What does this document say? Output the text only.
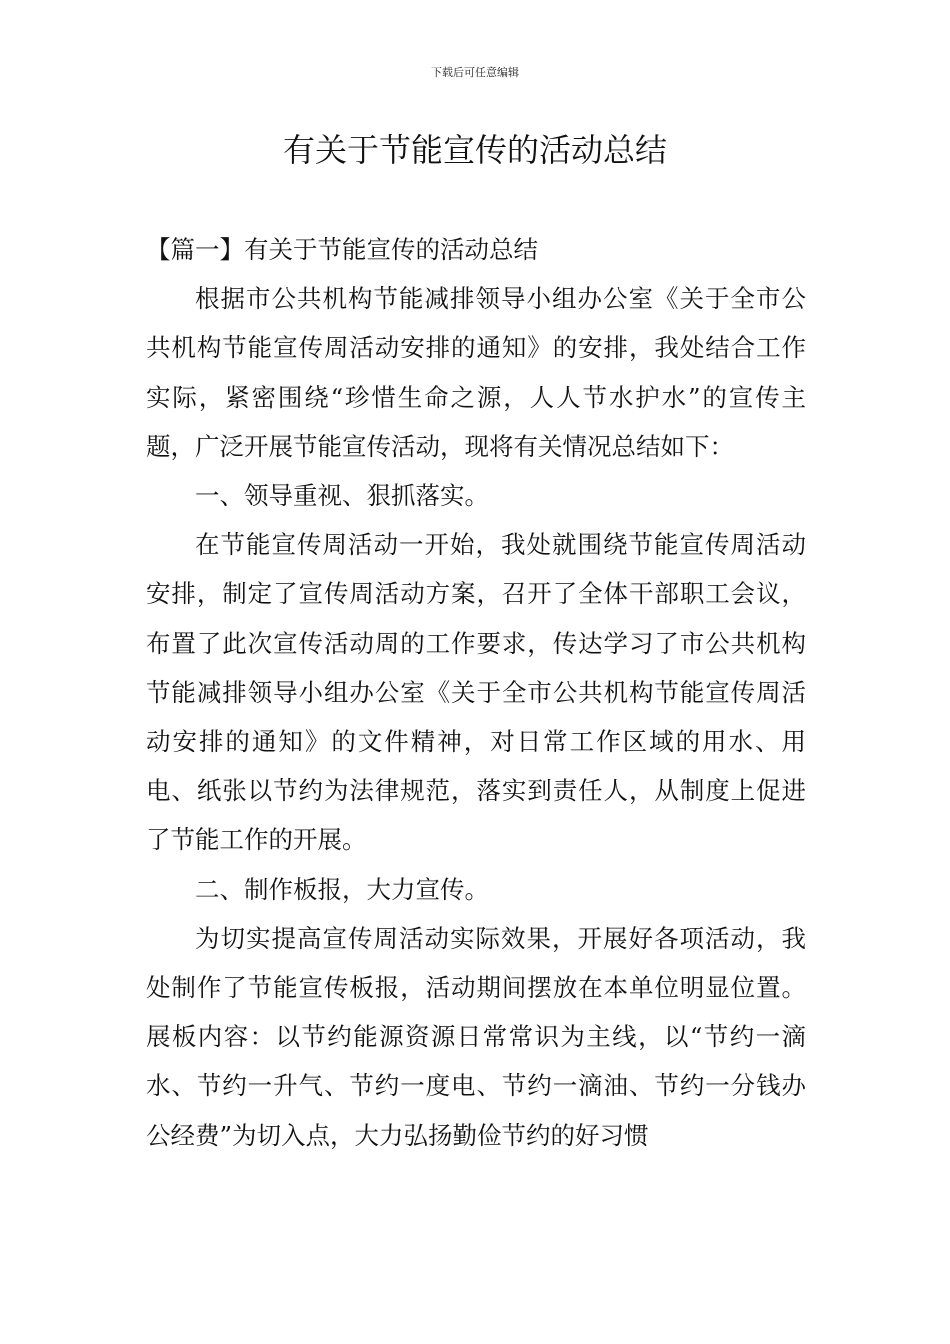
下载后可任意编辑
有关于节能宣传的活动总结

【篇一】有关于节能宣传的活动总结

根据市公共机构节能减排领导小组办公室《关于全市公共机构节能宣传周活动安排的通知》的安排，我处结合工作实际，紧密围绕“珍惜生命之源，人人节水护水”的宣传主题，广泛开展节能宣传活动，现将有关情况总结如下：

一、领导重视、狠抓落实。

在节能宣传周活动一开始，我处就围绕节能宣传周活动安排，制定了宣传周活动方案，召开了全体干部职工会议，布置了此次宣传活动周的工作要求，传达学习了市公共机构节能减排领导小组办公室《关于全市公共机构节能宣传周活动安排的通知》的文件精神，对日常工作区域的用水、用电、纸张以节约为法律规范，落实到责任人，从制度上促进了节能工作的开展。

二、制作板报，大力宣传。

为切实提高宣传周活动实际效果，开展好各项活动，我处制作了节能宣传板报，活动期间摆放在本单位明显位置。展板内容：以节约能源资源日常常识为主线，以“节约一滴水、节约一升气、节约一度电、节约一滴油、节约一分钱办公经费”为切入点，大力弘扬勤俭节约的好习惯
